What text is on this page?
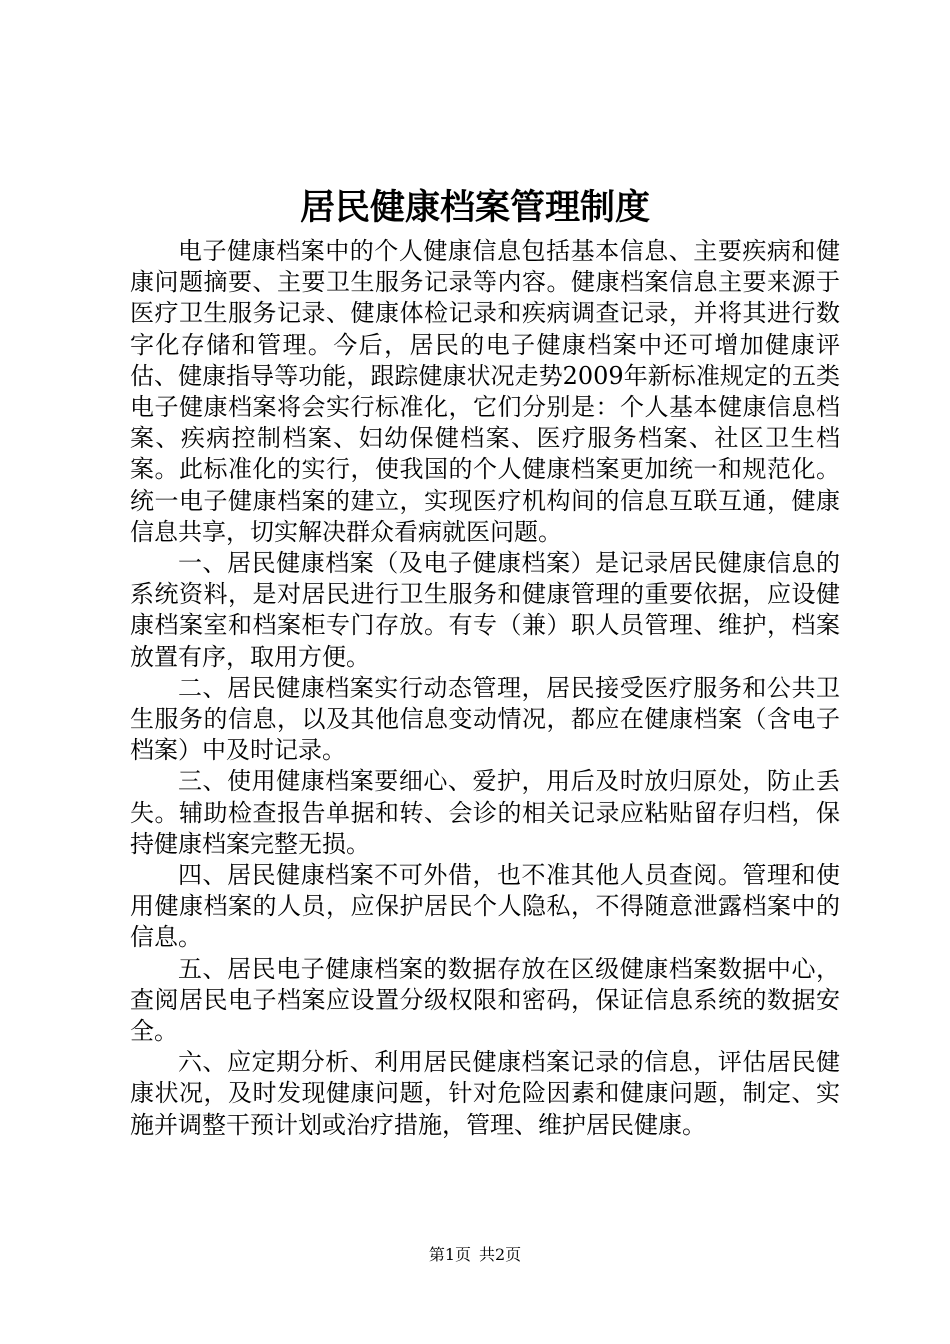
居民健康档案管理制度

电子健康档案中的个人健康信息包括基本信息、主要疾病和健康问题摘要、主要卫生服务记录等内容。健康档案信息主要来源于医疗卫生服务记录、健康体检记录和疾病调查记录，并将其进行数字化存储和管理。今后，居民的电子健康档案中还可增加健康评估、健康指导等功能，跟踪健康状况走势2009年新标准规定的五类电子健康档案将会实行标准化，它们分别是：个人基本健康信息档案、疾病控制档案、妇幼保健档案、医疗服务档案、社区卫生档案。此标准化的实行，使我国的个人健康档案更加统一和规范化。统一电子健康档案的建立，实现医疗机构间的信息互联互通，健康信息共享，切实解决群众看病就医问题。

一、居民健康档案（及电子健康档案）是记录居民健康信息的系统资料，是对居民进行卫生服务和健康管理的重要依据，应设健康档案室和档案柜专门存放。有专（兼）职人员管理、维护，档案放置有序，取用方便。

二、居民健康档案实行动态管理，居民接受医疗服务和公共卫生服务的信息，以及其他信息变动情况，都应在健康档案（含电子档案）中及时记录。

三、使用健康档案要细心、爱护，用后及时放归原处，防止丢失。辅助检查报告单据和转、会诊的相关记录应粘贴留存归档，保持健康档案完整无损。

四、居民健康档案不可外借，也不准其他人员查阅。管理和使用健康档案的人员，应保护居民个人隐私，不得随意泄露档案中的信息。

五、居民电子健康档案的数据存放在区级健康档案数据中心，查阅居民电子档案应设置分级权限和密码，保证信息系统的数据安全。

六、应定期分析、利用居民健康档案记录的信息，评估居民健康状况，及时发现健康问题，针对危险因素和健康问题，制定、实施并调整干预计划或治疗措施，管理、维护居民健康。

第1页 共2页
